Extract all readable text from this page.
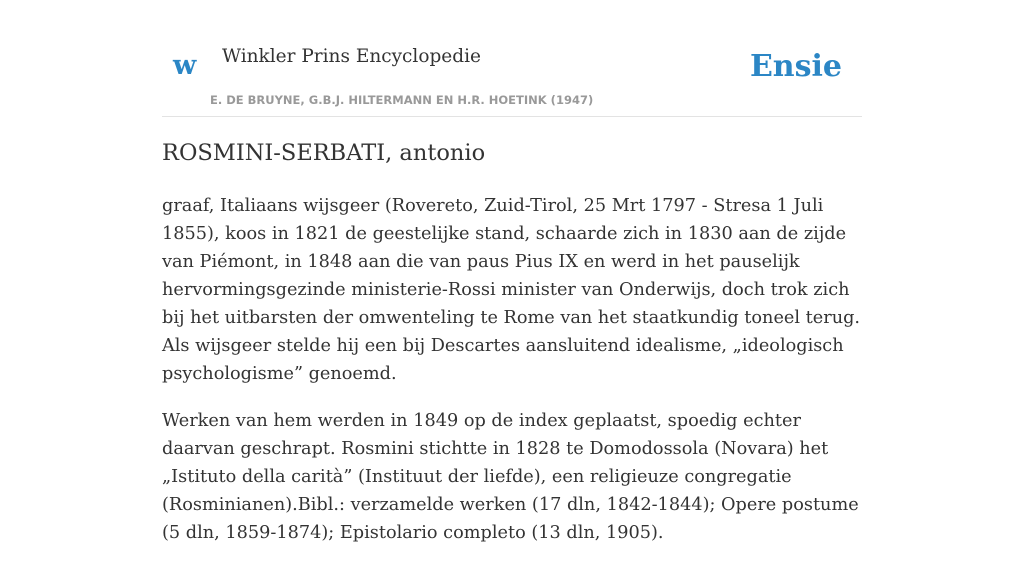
w Winkler Prins Encyclopedie
E. DE BRUYNE, G.B.J. HILTERMANN EN H.R. HOETINK (1947)
Ensie
ROSMINI-SERBATI, antonio

graaf, Italiaans wijsgeer (Rovereto, Zuid-Tirol, 25 Mrt 1797 - Stresa 1 Juli 1855), koos in 1821 de geestelijke stand, schaarde zich in 1830 aan de zijde van Piémont, in 1848 aan die van paus Pius IX en werd in het pauselijk hervormingsgezinde ministerie-Rossi minister van Onderwijs, doch trok zich bij het uitbarsten der omwenteling te Rome van het staatkundig toneel terug. Als wijsgeer stelde hij een bij Descartes aansluitend idealisme, „ideologisch psychologisme” genoemd.

Werken van hem werden in 1849 op de index geplaatst, spoedig echter daarvan geschrapt. Rosmini stichtte in 1828 te Domodossola (Novara) het „Istituto della carità” (Instituut der liefde), een religieuze congregatie (Rosminianen).Bibl.: verzamelde werken (17 dln, 1842-1844); Opere postume (5 dln, 1859-1874); Epistolario completo (13 dln, 1905).
